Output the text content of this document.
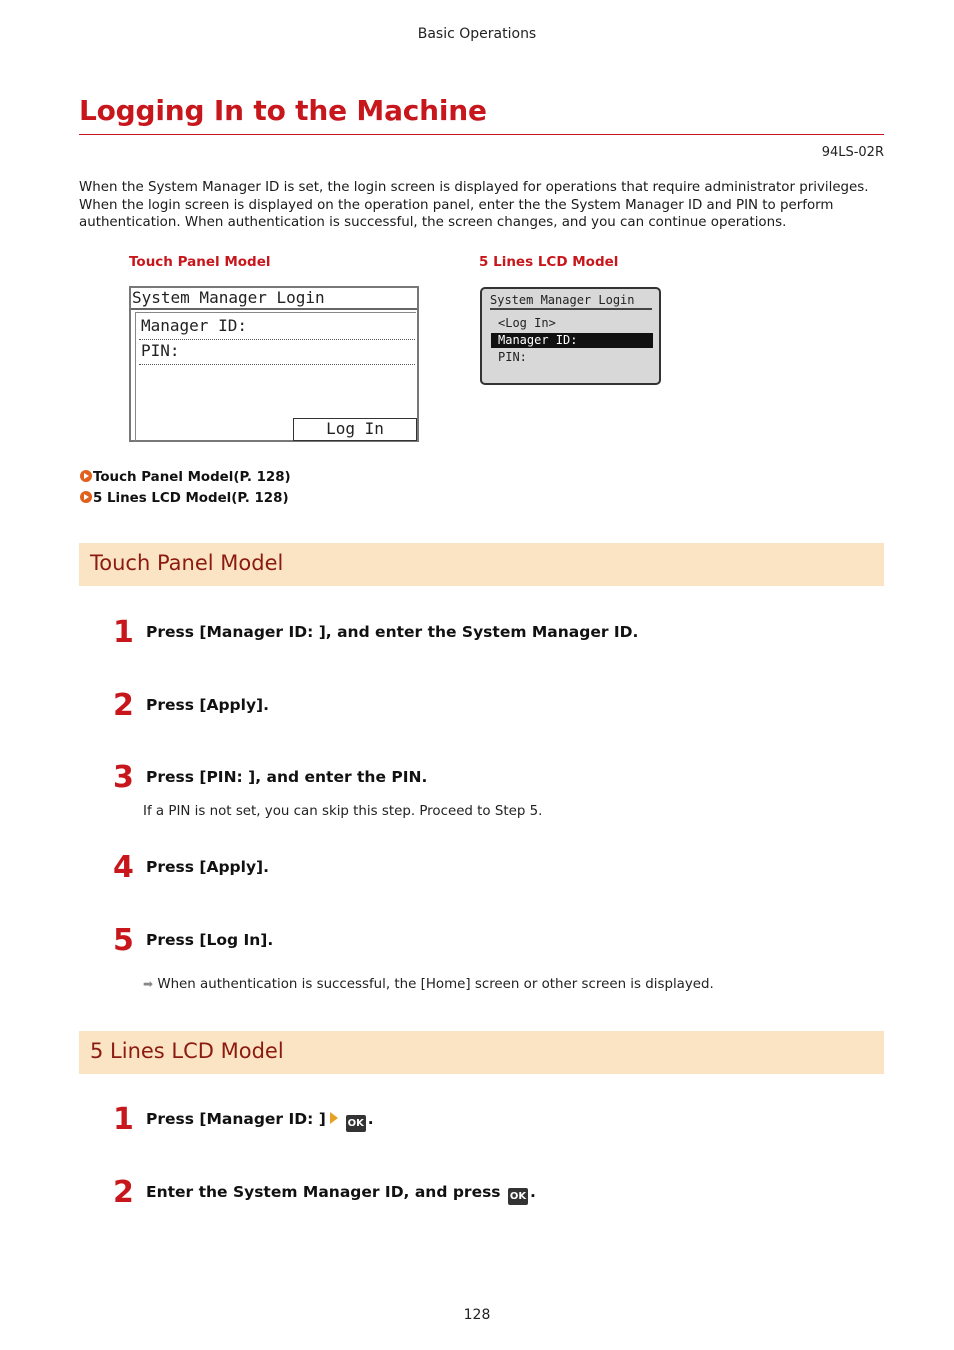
Basic Operations
Logging In to the Machine
94LS-02R
When the System Manager ID is set, the login screen is displayed for operations that require administrator privileges. When the login screen is displayed on the operation panel, enter the the System Manager ID and PIN to perform authentication. When authentication is successful, the screen changes, and you can continue operations.
Touch Panel Model	5 Lines LCD Model
System Manager Login
Manager ID:
PIN:
Log In
System Manager Login
<Log In>
Manager ID:
PIN:
Touch Panel Model(P. 128)
5 Lines LCD Model(P. 128)
Touch Panel Model
1 Press [Manager ID: ], and enter the System Manager ID.
2 Press [Apply].
3 Press [PIN: ], and enter the PIN.
If a PIN is not set, you can skip this step. Proceed to Step 5.
4 Press [Apply].
5 Press [Log In].
➡ When authentication is successful, the [Home] screen or other screen is displayed.
5 Lines LCD Model
1 Press [Manager ID: ] OK .
2 Enter the System Manager ID, and press OK .
128
